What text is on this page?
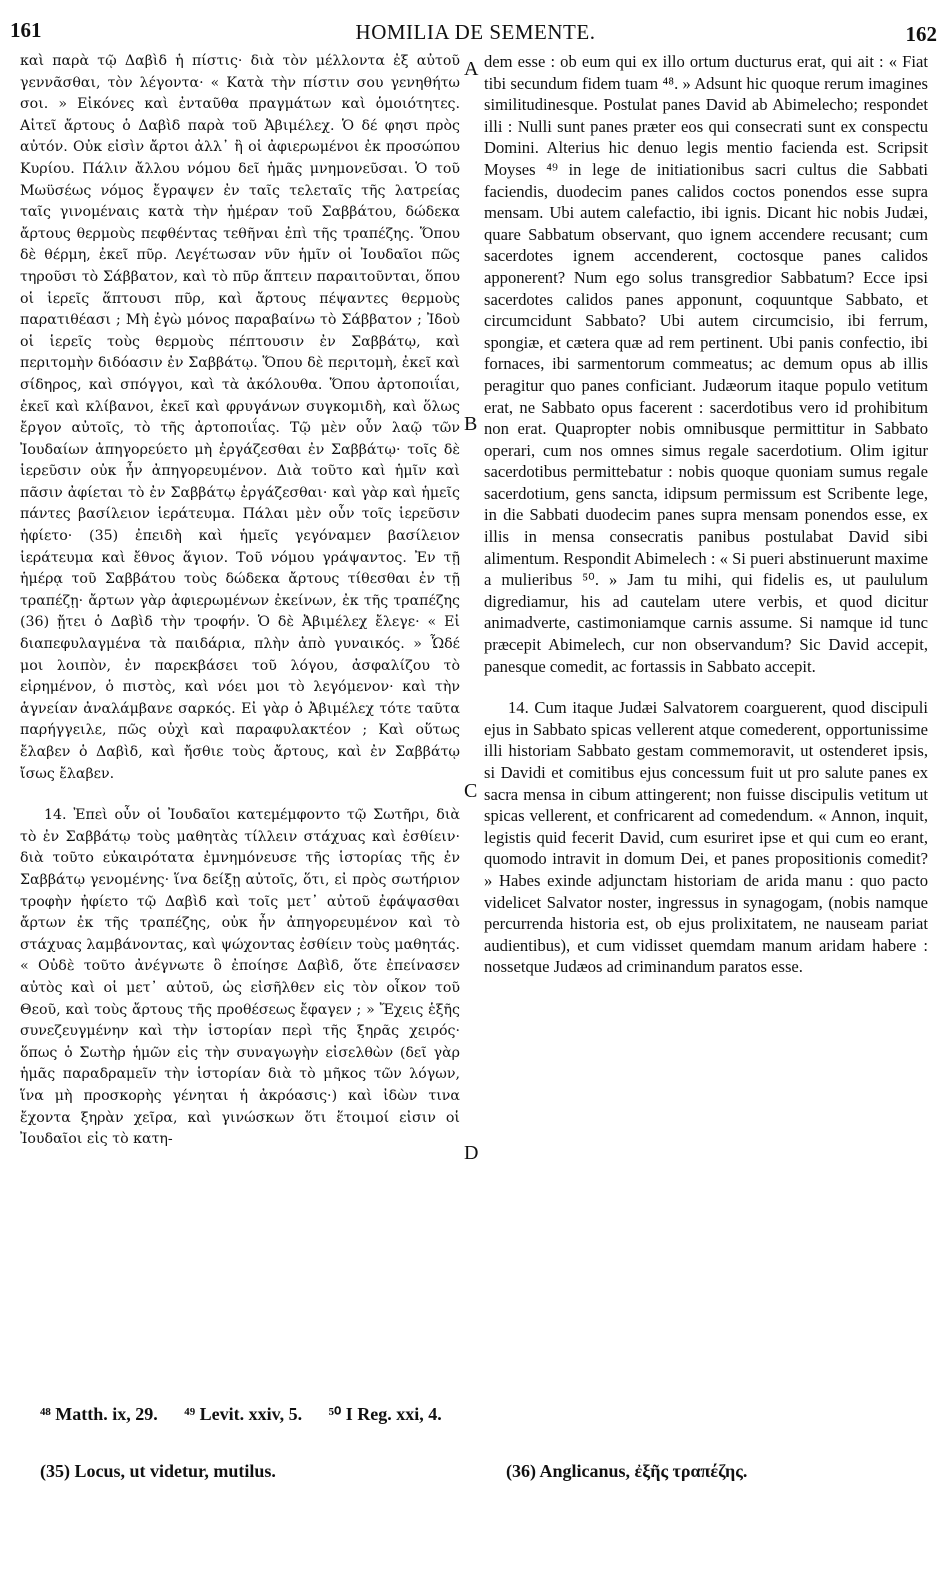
161	HOMILIA DE SEMENTE.	162

καὶ παρὰ τῷ Δαβὶδ ἡ πίστις· διὰ τὸν μέλλοντα ἐξ αὐτοῦ γεννᾶσθαι, τὸν λέγοντα· « Κατὰ τὴν πίστιν σου γενηθήτω σοι. » Εἰκόνες καὶ ἐνταῦθα πραγμάτων καὶ ὁμοιότητες. Αἰτεῖ ἄρτους ὁ Δαβὶδ παρὰ τοῦ Ἀβιμέλεχ. Ὁ δέ φησι πρὸς αὐτόν. Οὐκ εἰσὶν ἄρτοι ἀλλ᾽ ἢ οἱ ἀφιερωμένοι ἐκ προσώπου Κυρίου. Πάλιν ἄλλου νόμου δεῖ ἡμᾶς μνημονεῦσαι. Ὁ τοῦ Μωϋσέως νόμος ἔγραψεν ἐν ταῖς τελεταῖς τῆς λατρείας ταῖς γινομέναις κατὰ τὴν ἡμέραν τοῦ Σαββάτου, δώδεκα ἄρτους θερμοὺς πεφθέντας τεθῆναι ἐπὶ τῆς τραπέζης. Ὅπου δὲ θέρμη, ἐκεῖ πῦρ. Λεγέτωσαν νῦν ἡμῖν οἱ Ἰουδαῖοι πῶς τηροῦσι τὸ Σάββατον, καὶ τὸ πῦρ ἅπτειν παραιτοῦνται, ὅπου οἱ ἱερεῖς ἅπτουσι πῦρ, καὶ ἄρτους πέψαντες θερμοὺς παρατιθέασι ; Μὴ ἐγὼ μόνος παραβαίνω τὸ Σάββατον ; Ἰδοὺ οἱ ἱερεῖς τοὺς θερμοὺς πέπτουσιν ἐν Σαββάτῳ, καὶ περιτομὴν διδόασιν ἐν Σαββάτῳ. Ὅπου δὲ περιτομὴ, ἐκεῖ καὶ σίδηρος, καὶ σπόγγοι, καὶ τὰ ἀκόλουθα. Ὅπου ἀρτοποιΐαι, ἐκεῖ καὶ κλίβανοι, ἐκεῖ καὶ φρυγάνων συγκομιδὴ, καὶ ὅλως ἔργον αὐτοῖς, τὸ τῆς ἀρτοποιΐας. Τῷ μὲν οὖν λαῷ τῶν Ἰουδαίων ἀπηγορεύετο μὴ ἐργάζεσθαι ἐν Σαββάτῳ· τοῖς δὲ ἱερεῦσιν οὐκ ἦν ἀπηγορευμένον. Διὰ τοῦτο καὶ ἡμῖν καὶ πᾶσιν ἀφίεται τὸ ἐν Σαββάτῳ ἐργάζεσθαι· καὶ γὰρ καὶ ἡμεῖς πάντες βασίλειον ἱεράτευμα. Πάλαι μὲν οὖν τοῖς ἱερεῦσιν ἠφίετο· (35) ἐπειδὴ καὶ ἡμεῖς γεγόναμεν βασίλειον ἱεράτευμα καὶ ἔθνος ἅγιον. Τοῦ νόμου γράψαντος. Ἐν τῇ ἡμέρᾳ τοῦ Σαββάτου τοὺς δώδεκα ἄρτους τίθεσθαι ἐν τῇ τραπέζῃ· ἄρτων γὰρ ἀφιερωμένων ἐκείνων, ἐκ τῆς τραπέζης (36) ᾔτει ὁ Δαβὶδ τὴν τροφήν. Ὁ δὲ Ἀβιμέλεχ ἔλεγε· « Εἰ διαπεφυλαγμένα τὰ παιδάρια, πλὴν ἀπὸ γυναικός. » Ὧδέ μοι λοιπὸν, ἐν παρεκβάσει τοῦ λόγου, ἀσφαλίζου τὸ εἰρημένον, ὁ πιστὸς, καὶ νόει μοι τὸ λεγόμενον· καὶ τὴν ἁγνείαν ἀναλάμβανε σαρκός. Εἰ γὰρ ὁ Ἀβιμέλεχ τότε ταῦτα παρήγγειλε, πῶς οὐχὶ καὶ παραφυλακτέον ; Καὶ οὕτως ἔλαβεν ὁ Δαβὶδ, καὶ ἤσθιε τοὺς ἄρτους, καὶ ἐν Σαββάτῳ ἴσως ἔλαβεν.

14. Ἐπεὶ οὖν οἱ Ἰουδαῖοι κατεμέμφοντο τῷ Σωτῆρι, διὰ τὸ ἐν Σαββάτῳ τοὺς μαθητὰς τίλλειν στάχυας καὶ ἐσθίειν· διὰ τοῦτο εὐκαιρότατα ἐμνημόνευσε τῆς ἱστορίας τῆς ἐν Σαββάτῳ γενομένης· ἵνα δείξῃ αὐτοῖς, ὅτι, εἰ πρὸς σωτήριον τροφὴν ἠφίετο τῷ Δαβὶδ καὶ τοῖς μετ᾽ αὐτοῦ ἐφάψασθαι ἄρτων ἐκ τῆς τραπέζης, οὐκ ἦν ἀπηγορευμένον καὶ τὸ στάχυας λαμβάνοντας, καὶ ψώχοντας ἐσθίειν τοὺς μαθητάς. « Οὐδὲ τοῦτο ἀνέγνωτε ὃ ἐποίησε Δαβὶδ, ὅτε ἐπείνασεν αὐτὸς καὶ οἱ μετ᾽ αὐτοῦ, ὡς εἰσῆλθεν εἰς τὸν οἶκον τοῦ Θεοῦ, καὶ τοὺς ἄρτους τῆς προθέσεως ἔφαγεν ; » Ἔχεις ἑξῆς συνεζευγμένην καὶ τὴν ἱστορίαν περὶ τῆς ξηρᾶς χειρός· ὅπως ὁ Σωτὴρ ἡμῶν εἰς τὴν συναγωγὴν εἰσελθὼν (δεῖ γὰρ ἡμᾶς παραδραμεῖν τὴν ἱστορίαν διὰ τὸ μῆκος τῶν λόγων, ἵνα μὴ προσκορὴς γένηται ἡ ἀκρόασις·) καὶ ἰδὼν τινα ἔχοντα ξηρὰν χεῖρα, καὶ γινώσκων ὅτι ἕτοιμοί εἰσιν οἱ Ἰουδαῖοι εἰς τὸ κατη-

A
B
C
D

dem esse : ob eum qui ex illo ortum ducturus erat, qui ait : « Fiat tibi secundum fidem tuam ⁴⁸. » Adsunt hic quoque rerum imagines similitudinesque. Postulat panes David ab Abimelecho; respondet illi : Nulli sunt panes præter eos qui consecrati sunt ex conspectu Domini. Alterius hic denuo legis mentio facienda est. Scripsit Moyses ⁴⁹ in lege de initiationibus sacri cultus die Sabbati faciendis, duodecim panes calidos coctos ponendos esse supra mensam. Ubi autem calefactio, ibi ignis. Dicant hic nobis Judæi, quare Sabbatum observant, quo ignem accendere recusant; cum sacerdotes ignem accenderent, coctosque panes calidos apponerent? Num ego solus transgredior Sabbatum? Ecce ipsi sacerdotes calidos panes apponunt, coquuntque Sabbato, et circumcidunt Sabbato? Ubi autem circumcisio, ibi ferrum, spongiæ, et cætera quæ ad rem pertinent. Ubi panis confectio, ibi fornaces, ibi sarmentorum commeatus; ac demum opus ab illis peragitur quo panes conficiant. Judæorum itaque populo vetitum erat, ne Sabbato opus facerent : sacerdotibus vero id prohibitum non erat. Quapropter nobis omnibusque permittitur in Sabbato operari, cum nos omnes simus regale sacerdotium. Olim igitur sacerdotibus permittebatur : nobis quoque quoniam sumus regale sacerdotium, gens sancta, idipsum permissum est Scribente lege, in die Sabbati duodecim panes supra mensam ponendos esse, ex illis in mensa consecratis panibus postulabat David sibi alimentum. Respondit Abimelech : « Si pueri abstinuerunt maxime a mulieribus ⁵⁰. » Jam tu mihi, qui fidelis es, ut paululum digrediamur, his ad cautelam utere verbis, et quod dicitur animadverte, castimoniamque carnis assume. Si namque id tunc præcepit Abimelech, cur non observandum? Sic David accepit, panesque comedit, ac fortassis in Sabbato accepit.

14. Cum itaque Judæi Salvatorem coarguerent, quod discipuli ejus in Sabbato spicas vellerent atque comederent, opportunissime illi historiam Sabbato gestam commemoravit, ut ostenderet ipsis, si Davidi et comitibus ejus concessum fuit ut pro salute panes ex sacra mensa in cibum attingerent; non fuisse discipulis vetitum ut spicas vellerent, et confricarent ad comedendum. « Annon, inquit, legistis quid fecerit David, cum esuriret ipse et qui cum eo erant, quomodo intravit in domum Dei, et panes propositionis comedit? » Habes exinde adjunctam historiam de arida manu : quo pacto videlicet Salvator noster, ingressus in synagogam, (nobis namque percurrenda historia est, ob ejus prolixitatem, ne nauseam pariat audientibus), et cum vidisset quemdam manum aridam habere : nossetque Judæos ad criminandum paratos esse.

⁴⁸ Matth. ix, 29. ⁴⁹ Levit. xxiv, 5. ⁵⁰ I Reg. xxi, 4.
(35) Locus, ut videtur, mutilus.	(36) Anglicanus, ἐξῆς τραπέζης.
